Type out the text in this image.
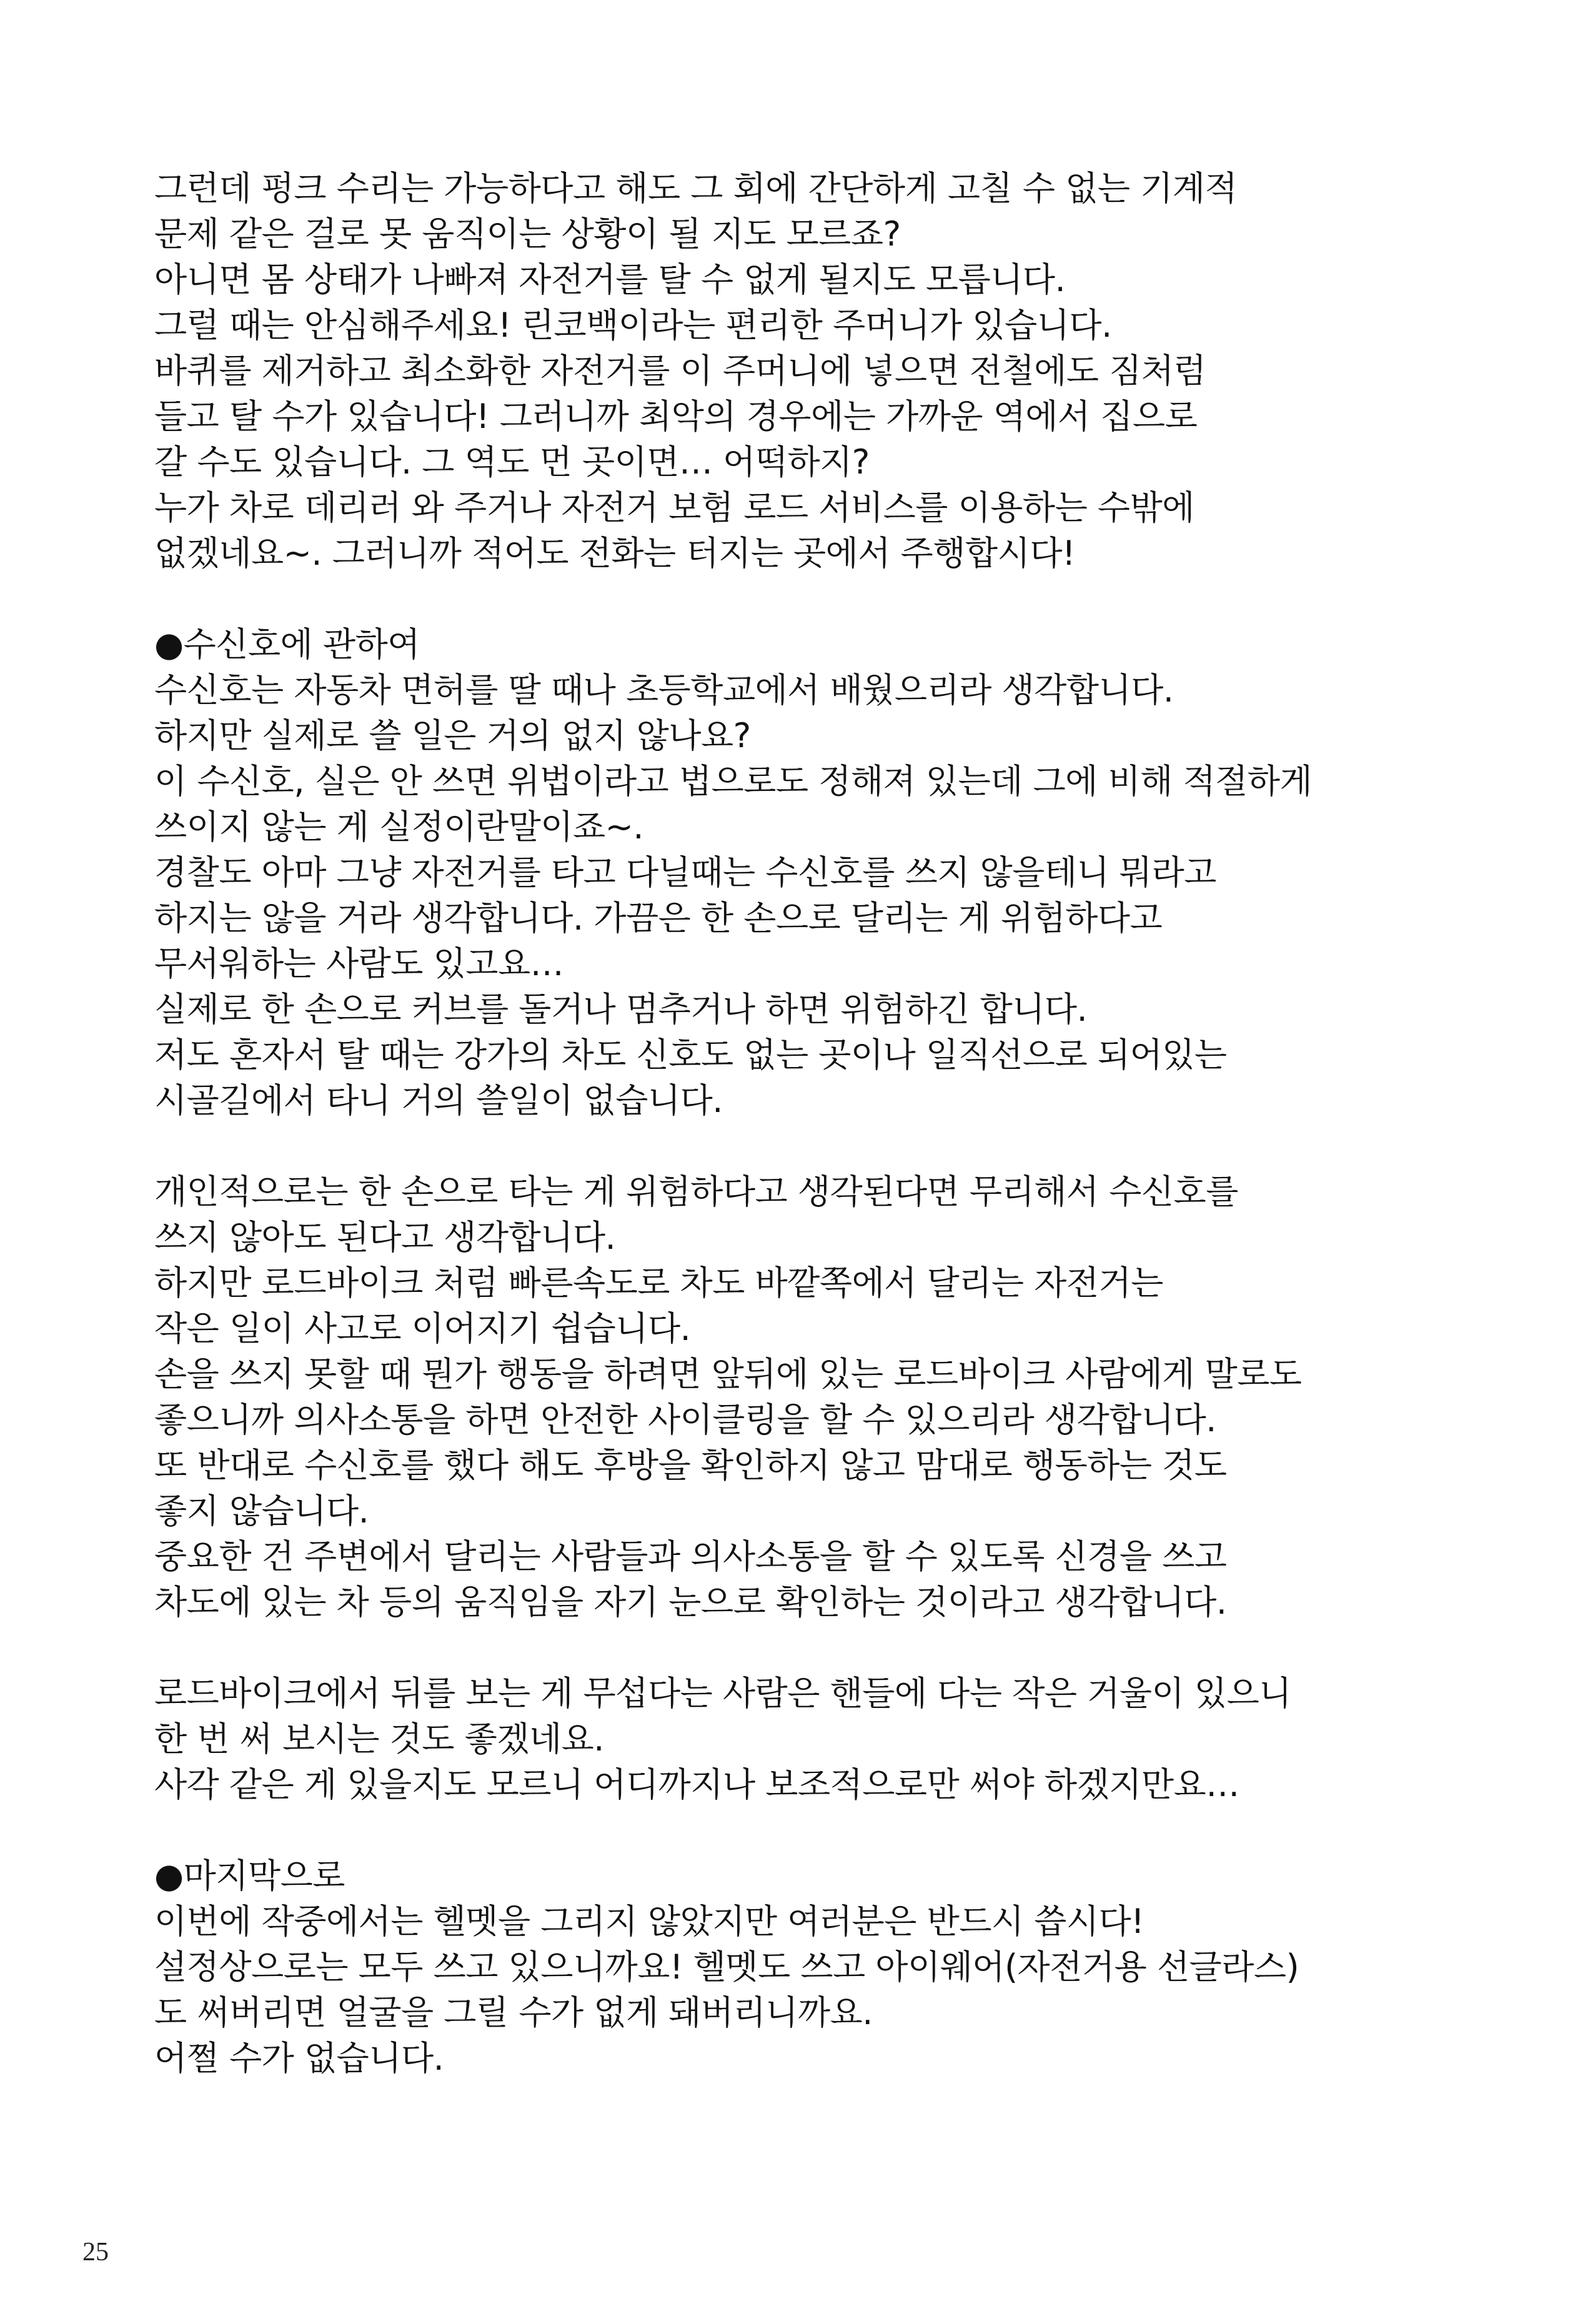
그런데 펑크 수리는 가능하다고 해도 그 회에 간단하게 고칠 수 없는 기계적
문제 같은 걸로 못 움직이는 상황이 될 지도 모르죠?
아니면 몸 상태가 나빠져 자전거를 탈 수 없게 될지도 모릅니다.
그럴 때는 안심해주세요! 린코백이라는 편리한 주머니가 있습니다.
바퀴를 제거하고 최소화한 자전거를 이 주머니에 넣으면 전철에도 짐처럼
들고 탈 수가 있습니다! 그러니까 최악의 경우에는 가까운 역에서 집으로
갈 수도 있습니다. 그 역도 먼 곳이면… 어떡하지?
누가 차로 데리러 와 주거나 자전거 보험 로드 서비스를 이용하는 수밖에
없겠네요~. 그러니까 적어도 전화는 터지는 곳에서 주행합시다!
●수신호에 관하여
수신호는 자동차 면허를 딸 때나 초등학교에서 배웠으리라 생각합니다.
하지만 실제로 쓸 일은 거의 없지 않나요?
이 수신호, 실은 안 쓰면 위법이라고 법으로도 정해져 있는데 그에 비해 적절하게
쓰이지 않는 게 실정이란말이죠~.
경찰도 아마 그냥 자전거를 타고 다닐때는 수신호를 쓰지 않을테니 뭐라고
하지는 않을 거라 생각합니다. 가끔은 한 손으로 달리는 게 위험하다고
무서워하는 사람도 있고요…
실제로 한 손으로 커브를 돌거나 멈추거나 하면 위험하긴 합니다.
저도 혼자서 탈 때는 강가의 차도 신호도 없는 곳이나 일직선으로 되어있는
시골길에서 타니 거의 쓸일이 없습니다.
개인적으로는 한 손으로 타는 게 위험하다고 생각된다면 무리해서 수신호를
쓰지 않아도 된다고 생각합니다.
하지만 로드바이크 처럼 빠른속도로 차도 바깥쪽에서 달리는 자전거는
작은 일이 사고로 이어지기 쉽습니다.
손을 쓰지 못할 때 뭔가 행동을 하려면 앞뒤에 있는 로드바이크 사람에게 말로도
좋으니까 의사소통을 하면 안전한 사이클링을 할 수 있으리라 생각합니다.
또 반대로 수신호를 했다 해도 후방을 확인하지 않고 맘대로 행동하는 것도
좋지 않습니다.
중요한 건 주변에서 달리는 사람들과 의사소통을 할 수 있도록 신경을 쓰고
차도에 있는 차 등의 움직임을 자기 눈으로 확인하는 것이라고 생각합니다.
로드바이크에서 뒤를 보는 게 무섭다는 사람은 핸들에 다는 작은 거울이 있으니
한 번 써 보시는 것도 좋겠네요.
사각 같은 게 있을지도 모르니 어디까지나 보조적으로만 써야 하겠지만요…
●마지막으로
이번에 작중에서는 헬멧을 그리지 않았지만 여러분은 반드시 씁시다!
설정상으로는 모두 쓰고 있으니까요! 헬멧도 쓰고 아이웨어(자전거용 선글라스)
도 써버리면 얼굴을 그릴 수가 없게 돼버리니까요.
어쩔 수가 없습니다.
25
